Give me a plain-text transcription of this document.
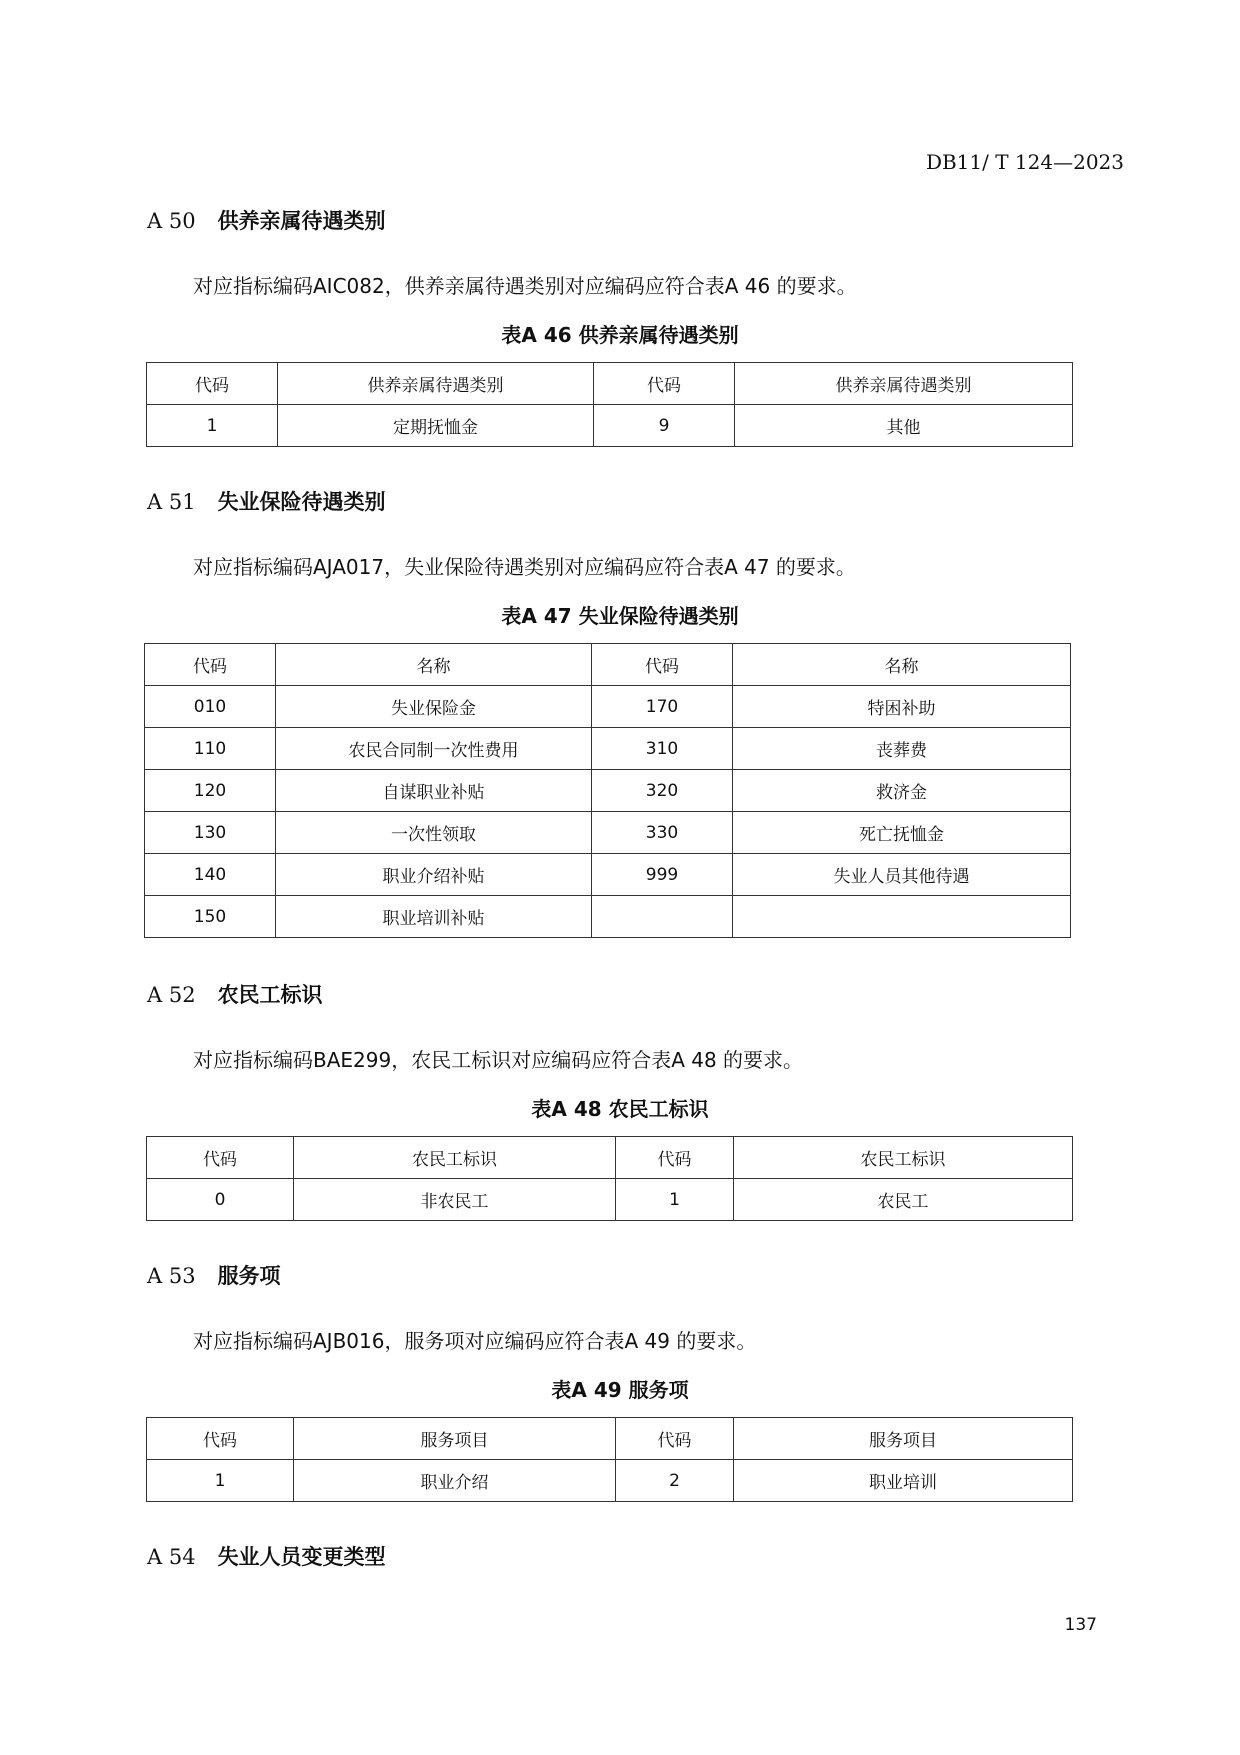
DB11/ T 124—2023
A 50 供养亲属待遇类别
对应指标编码AIC082，供养亲属待遇类别对应编码应符合表A 46 的要求。
表A 46 供养亲属待遇类别
代码	供养亲属待遇类别	代码	供养亲属待遇类别
1	定期抚恤金	9	其他
A 51 失业保险待遇类别
对应指标编码AJA017，失业保险待遇类别对应编码应符合表A 47 的要求。
表A 47 失业保险待遇类别
代码	名称	代码	名称
010	失业保险金	170	特困补助
110	农民合同制一次性费用	310	丧葬费
120	自谋职业补贴	320	救济金
130	一次性领取	330	死亡抚恤金
140	职业介绍补贴	999	失业人员其他待遇
150	职业培训补贴		
A 52 农民工标识
对应指标编码BAE299，农民工标识对应编码应符合表A 48 的要求。
表A 48 农民工标识
代码	农民工标识	代码	农民工标识
0	非农民工	1	农民工
A 53 服务项
对应指标编码AJB016，服务项对应编码应符合表A 49 的要求。
表A 49 服务项
代码	服务项目	代码	服务项目
1	职业介绍	2	职业培训
A 54 失业人员变更类型
137
